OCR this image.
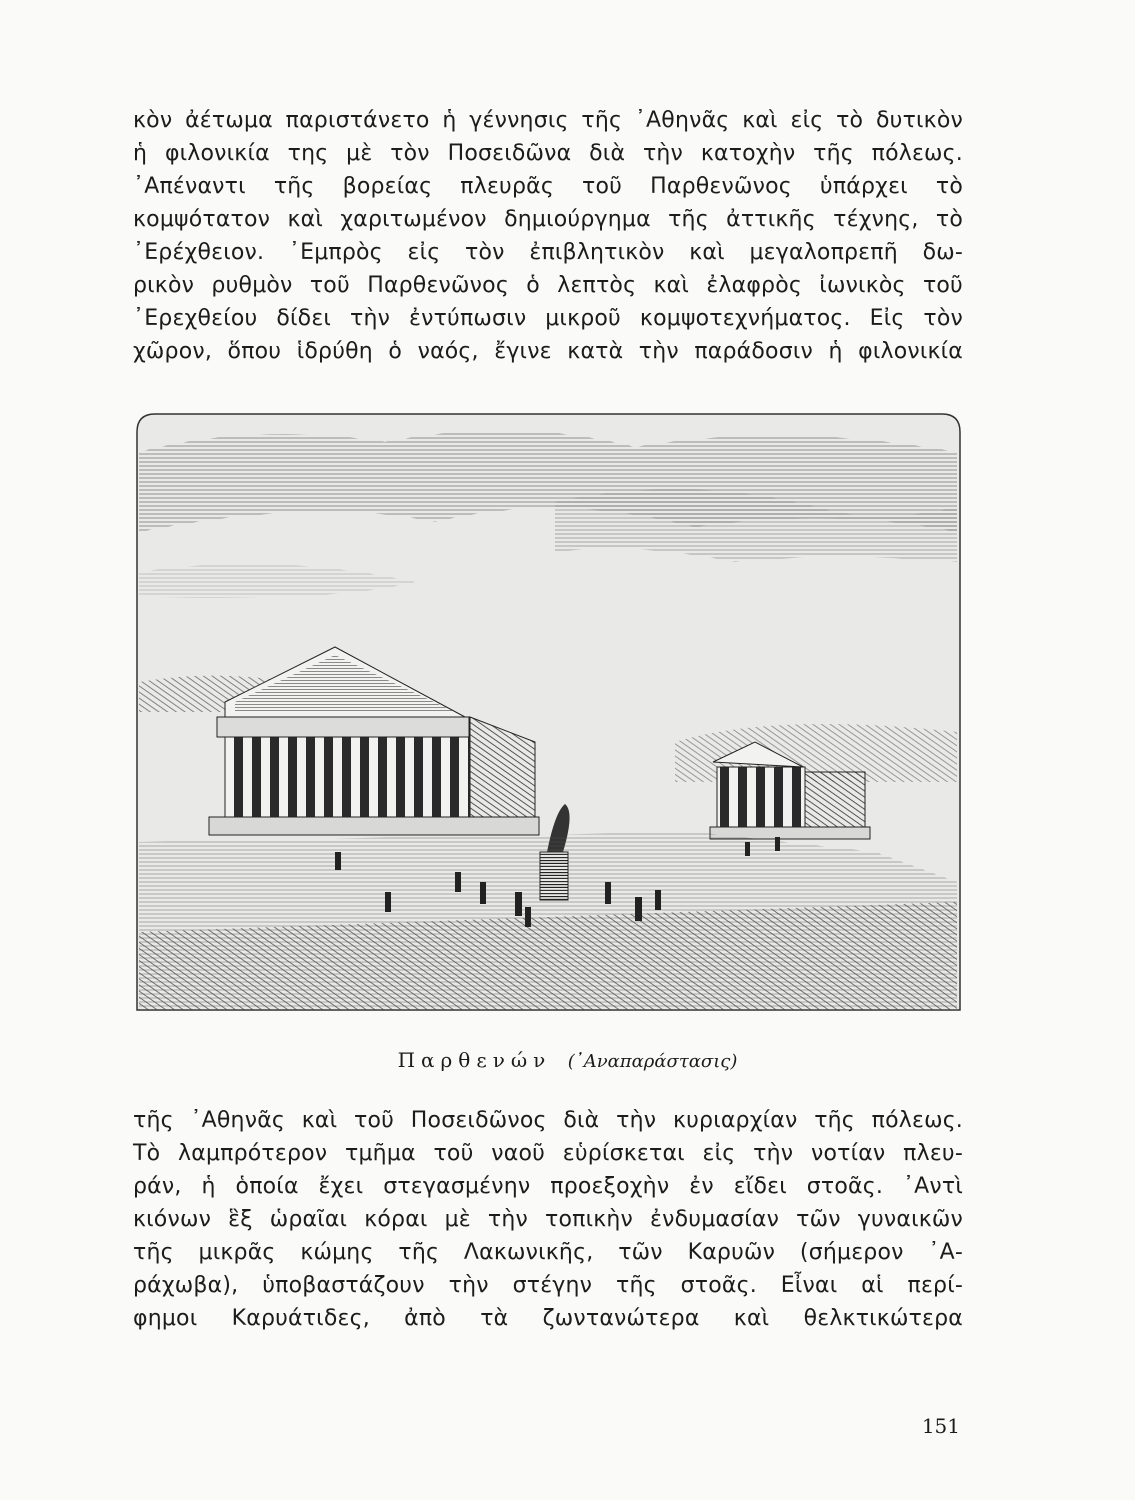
κὸν ἀέτωμα παριστάνετο ἡ γέννησις τῆς ᾿Αθηνᾶς καὶ εἰς τὸ δυτικὸν
ἡ φιλονικία της μὲ τὸν Ποσειδῶνα διὰ τὴν κατοχὴν τῆς πόλεως.
᾿Απέναντι τῆς βορείας πλευρᾶς τοῦ Παρθενῶνος ὑπάρχει τὸ
κομψότατον καὶ χαριτωμένον δημιούργημα τῆς ἀττικῆς τέχνης, τὸ
᾿Ερέχθειον. ᾿Εμπρὸς εἰς τὸν ἐπιβλητικὸν καὶ μεγαλοπρεπῆ δω-
ρικὸν ρυθμὸν τοῦ Παρθενῶνος ὁ λεπτὸς καὶ ἐλαφρὸς ἰωνικὸς τοῦ
᾿Ερεχθείου δίδει τὴν ἐντύπωσιν μικροῦ κομψοτεχνήματος. Εἰς τὸν
χῶρον, ὅπου ἱδρύθη ὁ ναός, ἔγινε κατὰ τὴν παράδοσιν ἡ φιλονικία
Παρθενών (᾿Αναπαράστασις)
τῆς ᾿Αθηνᾶς καὶ τοῦ Ποσειδῶνος διὰ τὴν κυριαρχίαν τῆς πόλεως.
Τὸ λαμπρότερον τμῆμα τοῦ ναοῦ εὑρίσκεται εἰς τὴν νοτίαν πλευ-
ράν, ἡ ὁποία ἔχει στεγασμένην προεξοχὴν ἐν εἴδει στοᾶς. ᾿Αντὶ
κιόνων ἓξ ὡραῖαι κόραι μὲ τὴν τοπικὴν ἐνδυμασίαν τῶν γυναικῶν
τῆς μικρᾶς κώμης τῆς Λακωνικῆς, τῶν Καρυῶν (σήμερον ᾿Α-
ράχωβα), ὑποβαστάζουν τὴν στέγην τῆς στοᾶς. Εἶναι αἱ περί-
φημοι Καρυάτιδες, ἀπὸ τὰ ζωντανώτερα καὶ θελκτικώτερα
151
